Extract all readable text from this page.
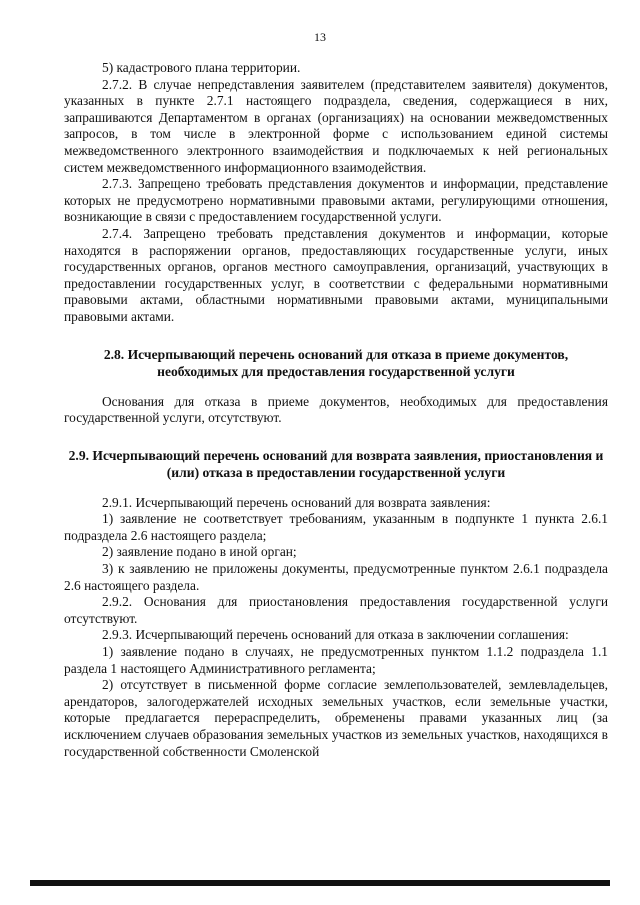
13

5) кадастрового плана территории.

2.7.2. В случае непредставления заявителем (представителем заявителя) документов, указанных в пункте 2.7.1 настоящего подраздела, сведения, содержащиеся в них, запрашиваются Департаментом в органах (организациях) на основании межведомственных запросов, в том числе в электронной форме с использованием единой системы межведомственного электронного взаимодействия и подключаемых к ней региональных систем межведомственного информационного взаимодействия.

2.7.3. Запрещено требовать представления документов и информации, представление которых не предусмотрено нормативными правовыми актами, регулирующими отношения, возникающие в связи с предоставлением государственной услуги.

2.7.4. Запрещено требовать представления документов и информации, которые находятся в распоряжении органов, предоставляющих государственные услуги, иных государственных органов, органов местного самоуправления, организаций, участвующих в предоставлении государственных услуг, в соответствии с федеральными нормативными правовыми актами, областными нормативными правовыми актами, муниципальными правовыми актами.

2.8. Исчерпывающий перечень оснований для отказа в приеме документов, необходимых для предоставления государственной услуги

Основания для отказа в приеме документов, необходимых для предоставления государственной услуги, отсутствуют.

2.9. Исчерпывающий перечень оснований для возврата заявления, приостановления и (или) отказа в предоставлении государственной услуги

2.9.1. Исчерпывающий перечень оснований для возврата заявления:

1) заявление не соответствует требованиям, указанным в подпункте 1 пункта 2.6.1 подраздела 2.6 настоящего раздела;

2) заявление подано в иной орган;

3) к заявлению не приложены документы, предусмотренные пунктом 2.6.1 подраздела 2.6 настоящего раздела.

2.9.2. Основания для приостановления предоставления государственной услуги отсутствуют.

2.9.3. Исчерпывающий перечень оснований для отказа в заключении соглашения:

1) заявление подано в случаях, не предусмотренных пунктом 1.1.2 подраздела 1.1 раздела 1 настоящего Административного регламента;

2) отсутствует в письменной форме согласие землепользователей, землевладельцев, арендаторов, залогодержателей исходных земельных участков, если земельные участки, которые предлагается перераспределить, обременены правами указанных лиц (за исключением случаев образования земельных участков из земельных участков, находящихся в государственной собственности Смоленской
